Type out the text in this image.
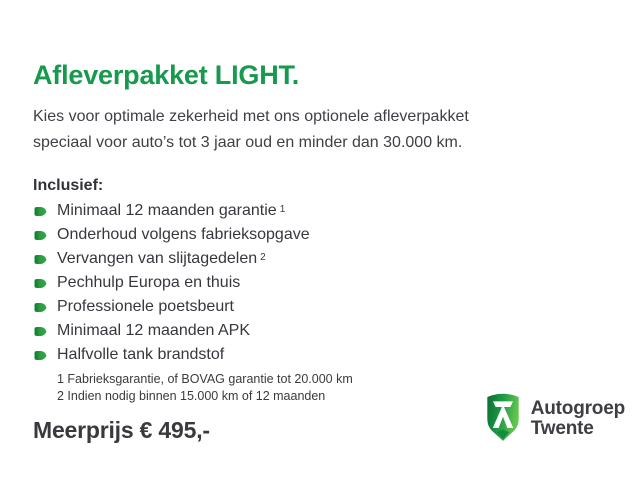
Afleverpakket LIGHT.

Kies voor optimale zekerheid met ons optionele afleverpakket
speciaal voor auto’s tot 3 jaar oud en minder dan 30.000 km.

Inclusief:
Minimaal 12 maanden garantie 1
Onderhoud volgens fabrieksopgave
Vervangen van slijtagedelen 2
Pechhulp Europa en thuis
Professionele poetsbeurt
Minimaal 12 maanden APK
Halfvolle tank brandstof
1 Fabrieksgarantie, of BOVAG garantie tot 20.000 km
2 Indien nodig binnen 15.000 km of 12 maanden
Meerprijs € 495,-
Autogroep
Twente
